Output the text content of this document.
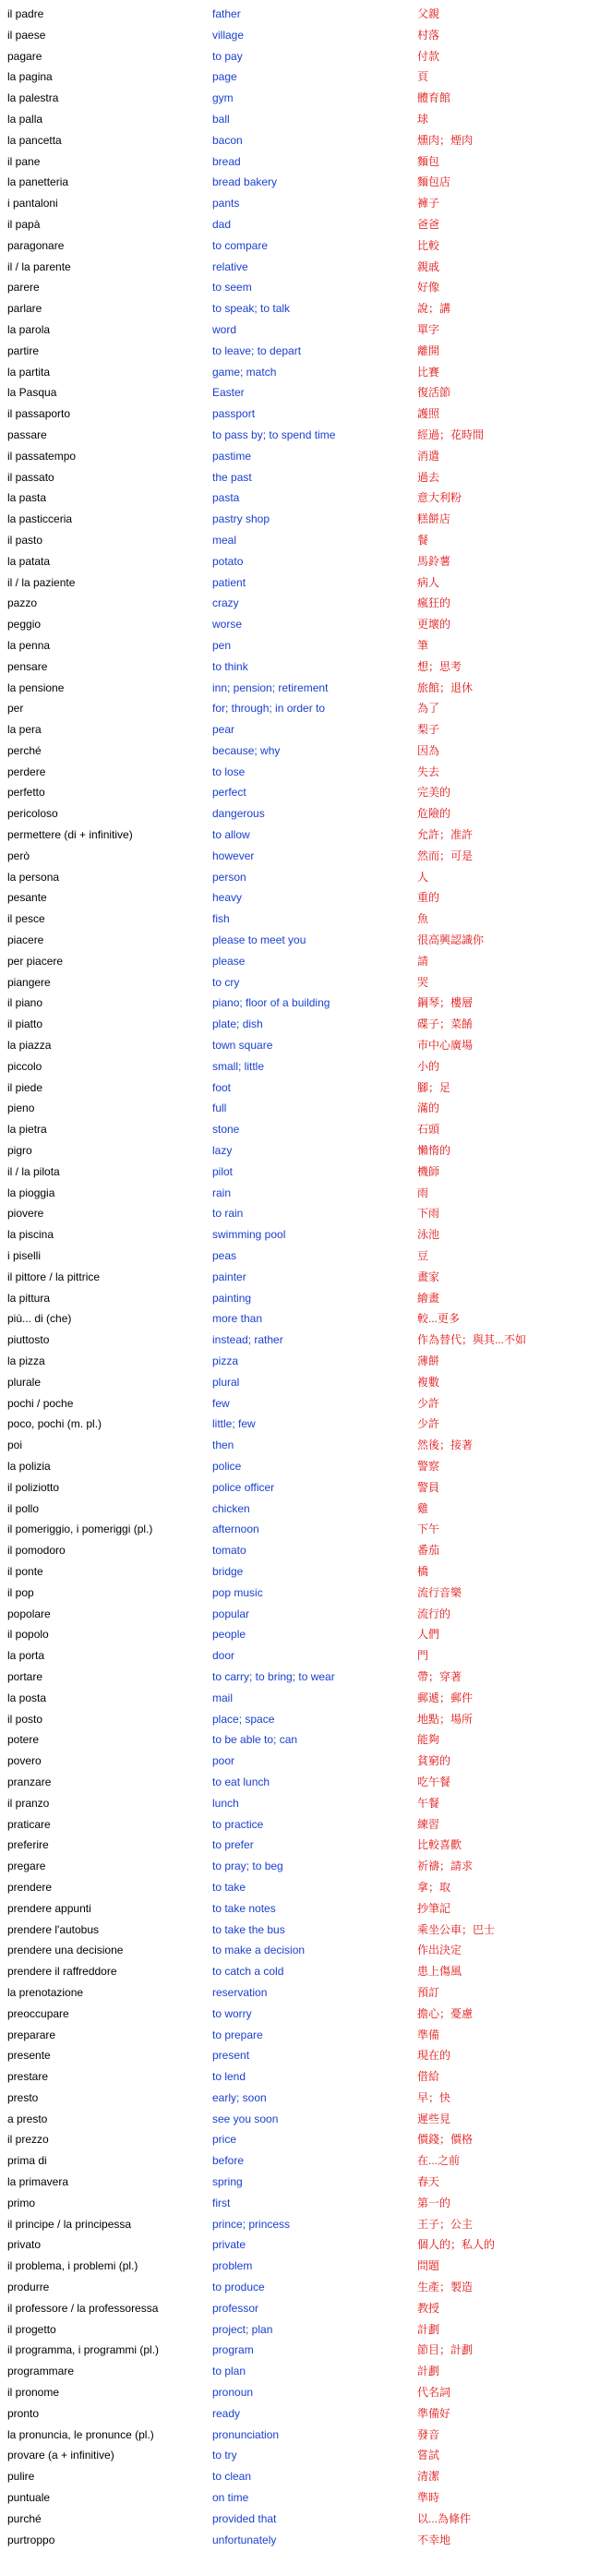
il padre	father	父親
il paese	village	村落
pagare	to pay	付款
la pagina	page	頁
la palestra	gym	體育館
la palla	ball	球
la pancetta	bacon	燻肉；煙肉
il pane	bread	麵包
la panetteria	bread bakery	麵包店
i pantaloni	pants	褲子
il papà	dad	爸爸
paragonare	to compare	比較
il / la parente	relative	親戚
parere	to seem	好像
parlare	to speak; to talk	說；講
la parola	word	單字
partire	to leave; to depart	離開
la partita	game; match	比賽
la Pasqua	Easter	復活節
il passaporto	passport	護照
passare	to pass by; to spend time	經過；花時間
il passatempo	pastime	消遣
il passato	the past	過去
la pasta	pasta	意大利粉
la pasticceria	pastry shop	糕餅店
il pasto	meal	餐
la patata	potato	馬鈴薯
il / la paziente	patient	病人
pazzo	crazy	瘋狂的
peggio	worse	更壞的
la penna	pen	筆
pensare	to think	想；思考
la pensione	inn; pension; retirement	旅館；退休
per	for; through; in order to	為了
la pera	pear	梨子
perché	because; why	因為
perdere	to lose	失去
perfetto	perfect	完美的
pericoloso	dangerous	危險的
permettere (di + infinitive)	to allow	允許；准許
però	however	然而；可是
la persona	person	人
pesante	heavy	重的
il pesce	fish	魚
piacere	please to meet you	很高興認識你
per piacere	please	請
piangere	to cry	哭
il piano	piano; floor of a building	鋼琴；樓層
il piatto	plate; dish	碟子；菜餚
la piazza	town square	市中心廣場
piccolo	small; little	小的
il piede	foot	腳；足
pieno	full	滿的
la pietra	stone	石頭
pigro	lazy	懶惰的
il / la pilota	pilot	機師
la pioggia	rain	雨
piovere	to rain	下雨
la piscina	swimming pool	泳池
i piselli	peas	豆
il pittore / la pittrice	painter	畫家
la pittura	painting	繪畫
più... di (che)	more than	較...更多
piuttosto	instead; rather	作為替代；與其...不如
la pizza	pizza	薄餅
plurale	plural	複數
pochi / poche	few	少許
poco, pochi (m. pl.)	little; few	少許
poi	then	然後；接著
la polizia	police	警察
il poliziotto	police officer	警員
il pollo	chicken	雞
il pomeriggio, i pomeriggi (pl.)	afternoon	下午
il pomodoro	tomato	番茄
il ponte	bridge	橋
il pop	pop music	流行音樂
popolare	popular	流行的
il popolo	people	人們
la porta	door	門
portare	to carry; to bring; to wear	帶；穿著
la posta	mail	郵遞；郵件
il posto	place; space	地點；場所
potere	to be able to; can	能夠
povero	poor	貧窮的
pranzare	to eat lunch	吃午餐
il pranzo	lunch	午餐
praticare	to practice	練習
preferire	to prefer	比較喜歡
pregare	to pray; to beg	祈禱；請求
prendere	to take	拿；取
prendere appunti	to take notes	抄筆記
prendere l'autobus	to take the bus	乘坐公車；巴士
prendere una decisione	to make a decision	作出決定
prendere il raffreddore	to catch a cold	患上傷風
la prenotazione	reservation	預訂
preoccupare	to worry	擔心；憂慮
preparare	to prepare	準備
presente	present	現在的
prestare	to lend	借給
presto	early; soon	早；快
a presto	see you soon	遲些見
il prezzo	price	價錢；價格
prima di	before	在...之前
la primavera	spring	春天
primo	first	第一的
il principe / la principessa	prince; princess	王子；公主
privato	private	個人的；私人的
il problema, i problemi (pl.)	problem	問題
produrre	to produce	生產；製造
il professore / la professoressa	professor	教授
il progetto	project; plan	計劃
il programma, i programmi (pl.)	program	節目；計劃
programmare	to plan	計劃
il pronome	pronoun	代名詞
pronto	ready	準備好
la pronuncia, le pronunce (pl.)	pronunciation	發音
provare (a + infinitive)	to try	嘗試
pulire	to clean	清潔
puntuale	on time	準時
purché	provided that	以...為條件
purtroppo	unfortunately	不幸地
